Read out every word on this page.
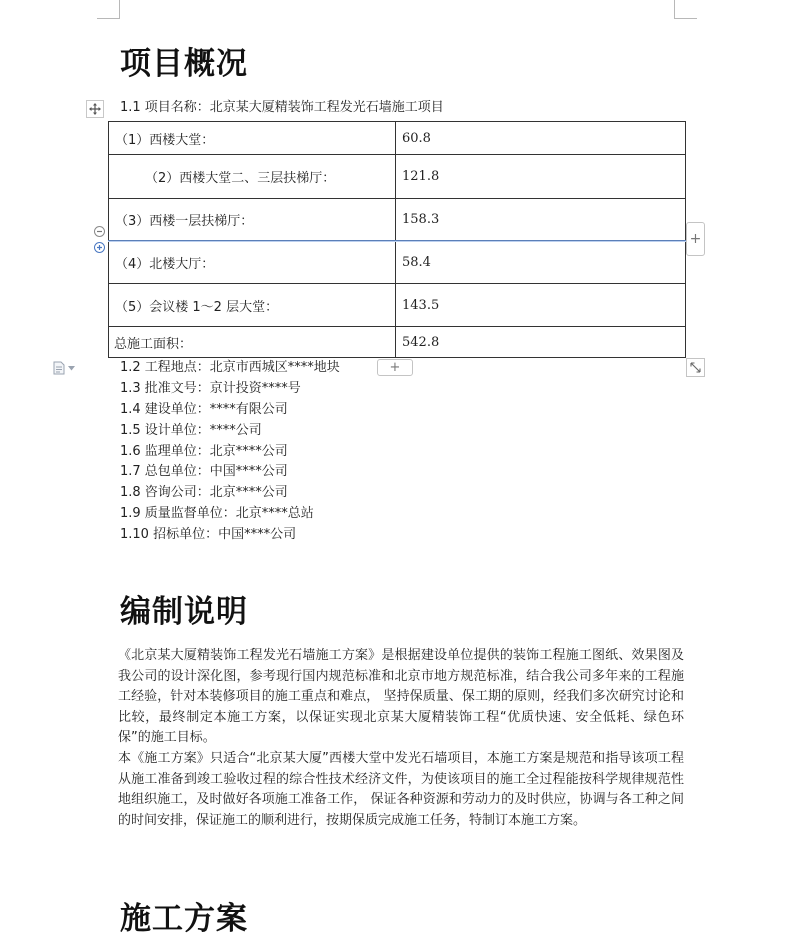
项目概况
1.1 项目名称：北京某大厦精装饰工程发光石墙施工项目
（1）西楼大堂：	60.8
（2）西楼大堂二、三层扶梯厅：	121.8
（3）西楼一层扶梯厅：	158.3
（4）北楼大厅：	58.4
（5）会议楼 1～2 层大堂：	143.5
总施工面积：	542.8
+
+
1.2 工程地点：北京市西城区****地块
1.3 批准文号：京计投资****号
1.4 建设单位：****有限公司
1.5 设计单位：****公司
1.6 监理单位：北京****公司
1.7 总包单位：中国****公司
1.8 咨询公司：北京****公司
1.9 质量监督单位：北京****总站
1.10 招标单位：中国****公司
编制说明

《北京某大厦精装饰工程发光石墙施工方案》是根据建设单位提供的装饰工程施工图纸、效果图及我公司的设计深化图，参考现行国内规范标准和北京市地方规范标准，结合我公司多年来的工程施工经验，针对本装修项目的施工重点和难点， 坚持保质量、保工期的原则，经我们多次研究讨论和比较，最终制定本施工方案，以保证实现北京某大厦精装饰工程“优质快速、安全低耗、绿色环保”的施工目标。

本《施工方案》只适合“北京某大厦”西楼大堂中发光石墙项目，本施工方案是规范和指导该项工程从施工准备到竣工验收过程的综合性技术经济文件，为使该项目的施工全过程能按科学规律规范性地组织施工，及时做好各项施工准备工作， 保证各种资源和劳动力的及时供应，协调与各工种之间的时间安排，保证施工的顺利进行，按期保质完成施工任务，特制订本施工方案。

施工方案
